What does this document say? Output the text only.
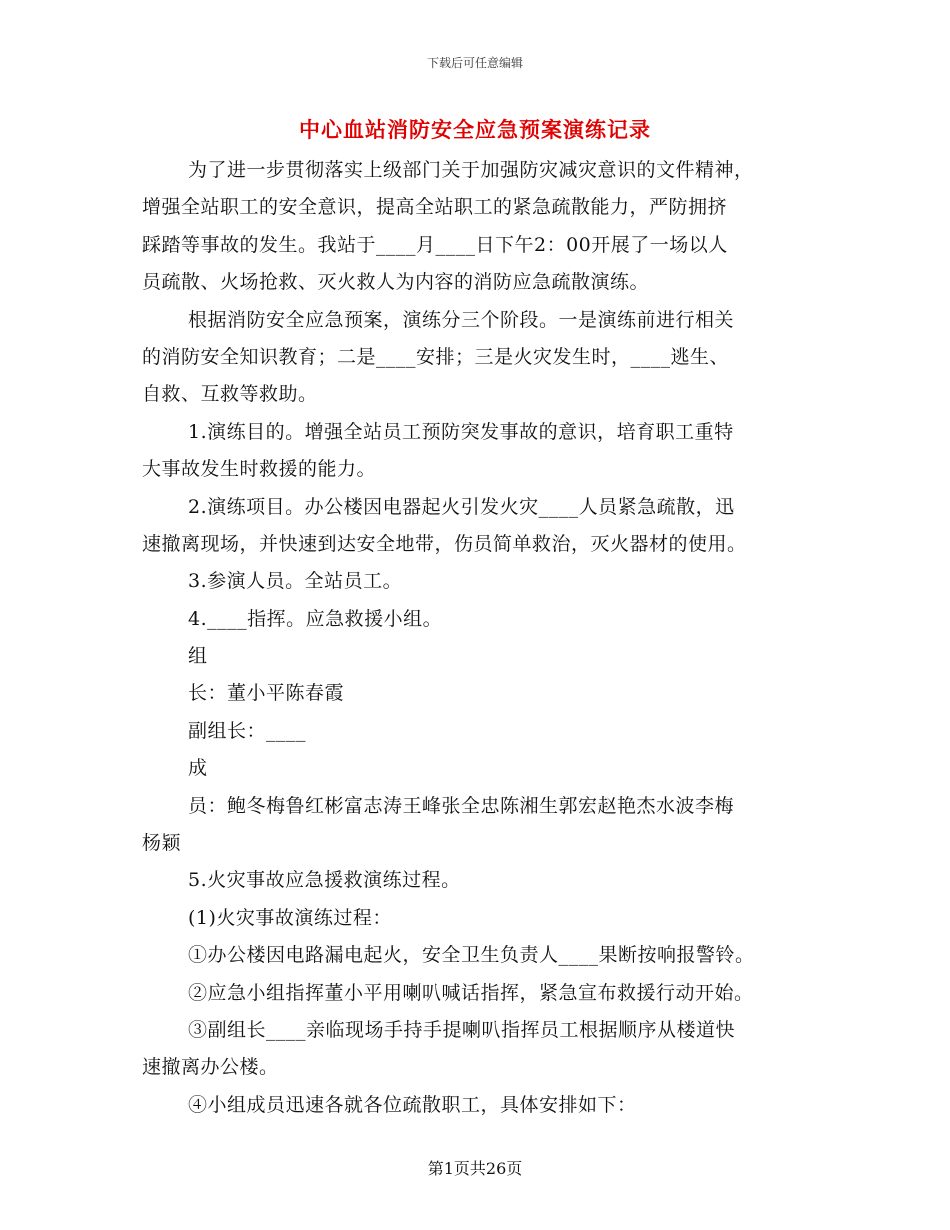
下载后可任意编辑
中心血站消防安全应急预案演练记录
为了进一步贯彻落实上级部门关于加强防灾减灾意识的文件精神，
增强全站职工的安全意识，提高全站职工的紧急疏散能力，严防拥挤
踩踏等事故的发生。我站于____月____日下午2：00开展了一场以人
员疏散、火场抢救、灭火救人为内容的消防应急疏散演练。
根据消防安全应急预案，演练分三个阶段。一是演练前进行相关
的消防安全知识教育；二是____安排；三是火灾发生时，____逃生、
自救、互救等救助。
1.演练目的。增强全站员工预防突发事故的意识，培育职工重特
大事故发生时救援的能力。
2.演练项目。办公楼因电器起火引发火灾____人员紧急疏散，迅
速撤离现场，并快速到达安全地带，伤员简单救治，灭火器材的使用。
3.参演人员。全站员工。
4.____指挥。应急救援小组。
组
长：董小平陈春霞
副组长：____
成
员：鲍冬梅鲁红彬富志涛王峰张全忠陈湘生郭宏赵艳杰水波李梅
杨颖
5.火灾事故应急援救演练过程。
(1)火灾事故演练过程：
①办公楼因电路漏电起火，安全卫生负责人____果断按响报警铃。
②应急小组指挥董小平用喇叭喊话指挥，紧急宣布救援行动开始。
③副组长____亲临现场手持手提喇叭指挥员工根据顺序从楼道快
速撤离办公楼。
④小组成员迅速各就各位疏散职工，具体安排如下：
第1页共26页
